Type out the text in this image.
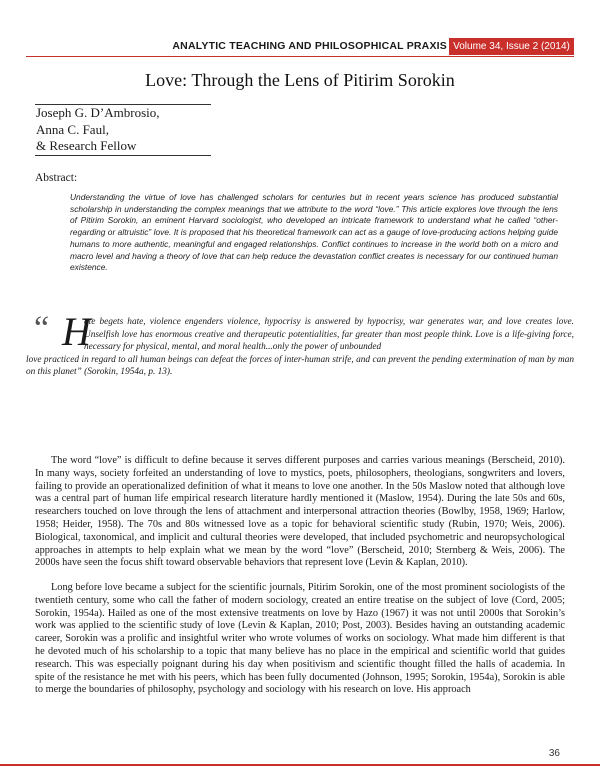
ANALYTIC TEACHING AND PHILOSOPHICAL PRAXIS Volume 34, Issue 2 (2014)
Love: Through the Lens of Pitirim Sorokin
Joseph G. D’Ambrosio,
Anna C. Faul,
& Research Fellow
Abstract:
Understanding the virtue of love has challenged scholars for centuries but in recent years science has produced substantial scholarship in understanding the complex meanings that we attribute to the word “love.” This article explores love through the lens of Pitirim Sorokin, an eminent Harvard sociologist, who developed an intricate framework to understand what he called “other-regarding or altruistic” love. It is proposed that his theoretical framework can act as a gauge of love-producing actions helping guide humans to more authentic, meaningful and engaged relationships. Conflict continues to increase in the world both on a micro and macro level and having a theory of love that can help reduce the devastation conflict creates is necessary for our continued human existence.
“ H
ate begets hate, violence engenders violence, hypocrisy is answered by hypocrisy, war generates war, and love creates love. Unselfish love has enormous creative and therapeutic potentialities, far greater than most people think. Love is a life-giving force, necessary for physical, mental, and moral health...only the power of unbounded
love practiced in regard to all human beings can defeat the forces of inter-human strife, and can prevent the pending extermination of man by man on this planet” (Sorokin, 1954a, p. 13).
The word “love” is difficult to define because it serves different purposes and carries various meanings (Berscheid, 2010). In many ways, society forfeited an understanding of love to mystics, poets, philosophers, theologians, songwriters and lovers, failing to provide an operationalized definition of what it means to love one another. In the 50s Maslow noted that although love was a central part of human life empirical research literature hardly mentioned it (Maslow, 1954). During the late 50s and 60s, researchers touched on love through the lens of attachment and interpersonal attraction theories (Bowlby, 1958, 1969; Harlow, 1958; Heider, 1958). The 70s and 80s witnessed love as a topic for behavioral scientific study (Rubin, 1970; Weis, 2006). Biological, taxonomical, and implicit and cultural theories were developed, that included psychometric and neuropsychological approaches in attempts to help explain what we mean by the word “love” (Berscheid, 2010; Sternberg & Weis, 2006). The 2000s have seen the focus shift toward observable behaviors that represent love (Levin & Kaplan, 2010).
Long before love became a subject for the scientific journals, Pitirim Sorokin, one of the most prominent sociologists of the twentieth century, some who call the father of modern sociology, created an entire treatise on the subject of love (Cord, 2005; Sorokin, 1954a). Hailed as one of the most extensive treatments on love by Hazo (1967) it was not until 2000s that Sorokin’s work was applied to the scientific study of love (Levin & Kaplan, 2010; Post, 2003). Besides having an outstanding academic career, Sorokin was a prolific and insightful writer who wrote volumes of works on sociology. What made him different is that he devoted much of his scholarship to a topic that many believe has no place in the empirical and scientific world that guides research. This was especially poignant during his day when positivism and scientific thought filled the halls of academia. In spite of the resistance he met with his peers, which has been fully documented (Johnson, 1995; Sorokin, 1954a), Sorokin is able to merge the boundaries of philosophy, psychology and sociology with his research on love. His approach
36
